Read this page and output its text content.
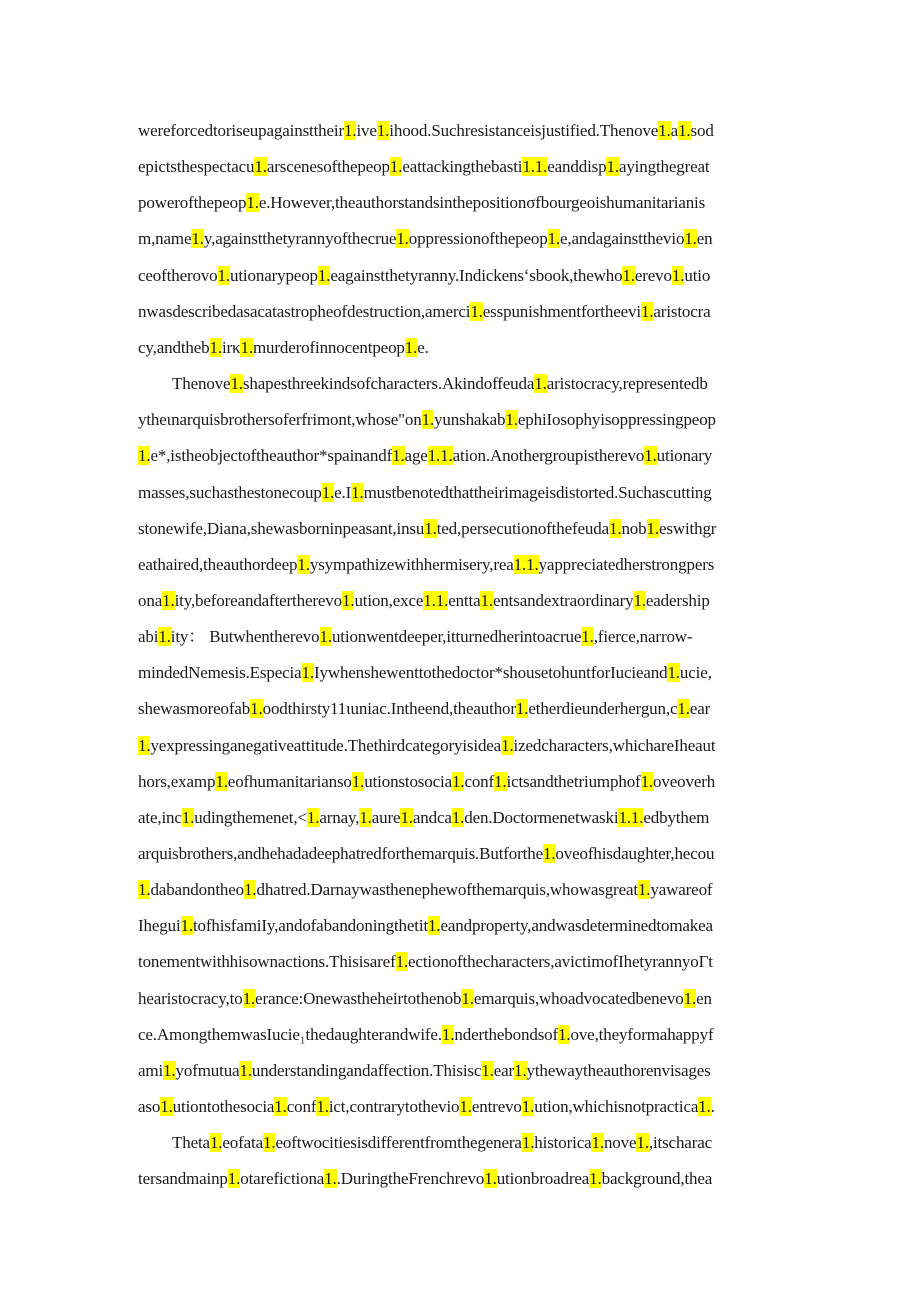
wereforcedtoriseupagainsttheir1.ive1.ihood.Suchresistanceisjustified.Thenove1.a1.sod
epictsthespectacu1.arscenesofthepeop1.eattackingthebasti1.1.eanddisp1.ayingthegreat
powerofthepeop1.e.However,theauthorstandsinthepositionσfbourgeoishumanitarianis
m,name1.y,againstthetyrannyofthecrue1.oppressionofthepeop1.e,andagainstthevio1.en
ceoftherovo1.utionarypeop1.eagainstthetyranny.Indickens‘sbook,thewho1.erevo1.utio
nwasdescribedasacatastropheofdestruction,amerci1.esspunishmentfortheevi1.aristocra
cy,andtheb1.irκ1.murderofinnocentpeop1.e.
Thenove1.shapesthreekindsofcharacters.Akindoffeuda1.aristocracy,representedb
ytheιnarquisbrothersoferfrimont,whose"on1.yunshakab1.ephiIosophyisoppressingpeop
1.e*,istheobjectoftheauthor*spainandf1.age1.1.ation.Anothergroupistherevo1.utionary
masses,suchasthestonecoup1.e.I1.mustbenotedthattheirimageisdistorted.Suchascutting
stonewife,Diana,shewasborninpeasant,insu1.ted,persecutionofthefeuda1.nob1.eswithgr
eathaired,theauthordeep1.ysympathizewithhermisery,rea1.1.yappreciatedherstrongpers
ona1.ity,beforeandaftertherevo1.ution,exce1.1.entta1.entsandextraordinary1.eadership
abi1.ity： Butwhentherevo1.utionwentdeeper,itturnedherintoacrue1.,fierce,narrow-
mindedNemesis.Especia1.Iywhenshewenttothedoctor*shousetohuntforIucieand1.ucie,
shewasmoreofab1.oodthirsty11ιuniac.Intheend,theauthor1.etherdieunderhergun,c1.ear
1.yexpressinganegativeattitude.Thethirdcategoryisidea1.izedcharacters,whichareIheaut
hors,examp1.eofhumanitarianso1.utionstosocia1.conf1.ictsandthetriumphof1.oveoverh
ate,inc1.udingthemenet,<1.arnay,1.aure1.andca1.den.Doctormenetwaski1.1.edbythem
arquisbrothers,andhehadadeephatredforthemarquis.Butforthe1.oveofhisdaughter,hecou
1.dabandontheo1.dhatred.Darnaywasthenephewofthemarquis,whowasgreat1.yawareof
Ihegui1.tofhisfamiIy,andofabandoningthetit1.eandproperty,andwasdeterminedtomakea
tonementwithhisownactions.Thisisaref1.ectionofthecharacters,avictimofIhetyrannyoΓt
hearistocracy,to1.erance:Onewastheheirtothenob1.emarquis,whoadvocatedbenevo1.en
ce.AmongthemwasIucie₁thedaughterandwife.1.nderthebondsof1.ove,theyformahappyf
ami1.yofmutua1.understandingandaffection.Thisisc1.ear1.ythewaytheauthorenvisages
aso1.utiontothesocia1.conf1.ict,contrarytothevio1.entrevo1.ution,whichisnotpractica1..
Theta1.eofata1.eoftwocitiesisdifferentfromthegenera1.historica1.nove1.,itscharac
tersandmainp1.otarefictiona1..DuringtheFrenchrevo1.utionbroadrea1.background,thea
